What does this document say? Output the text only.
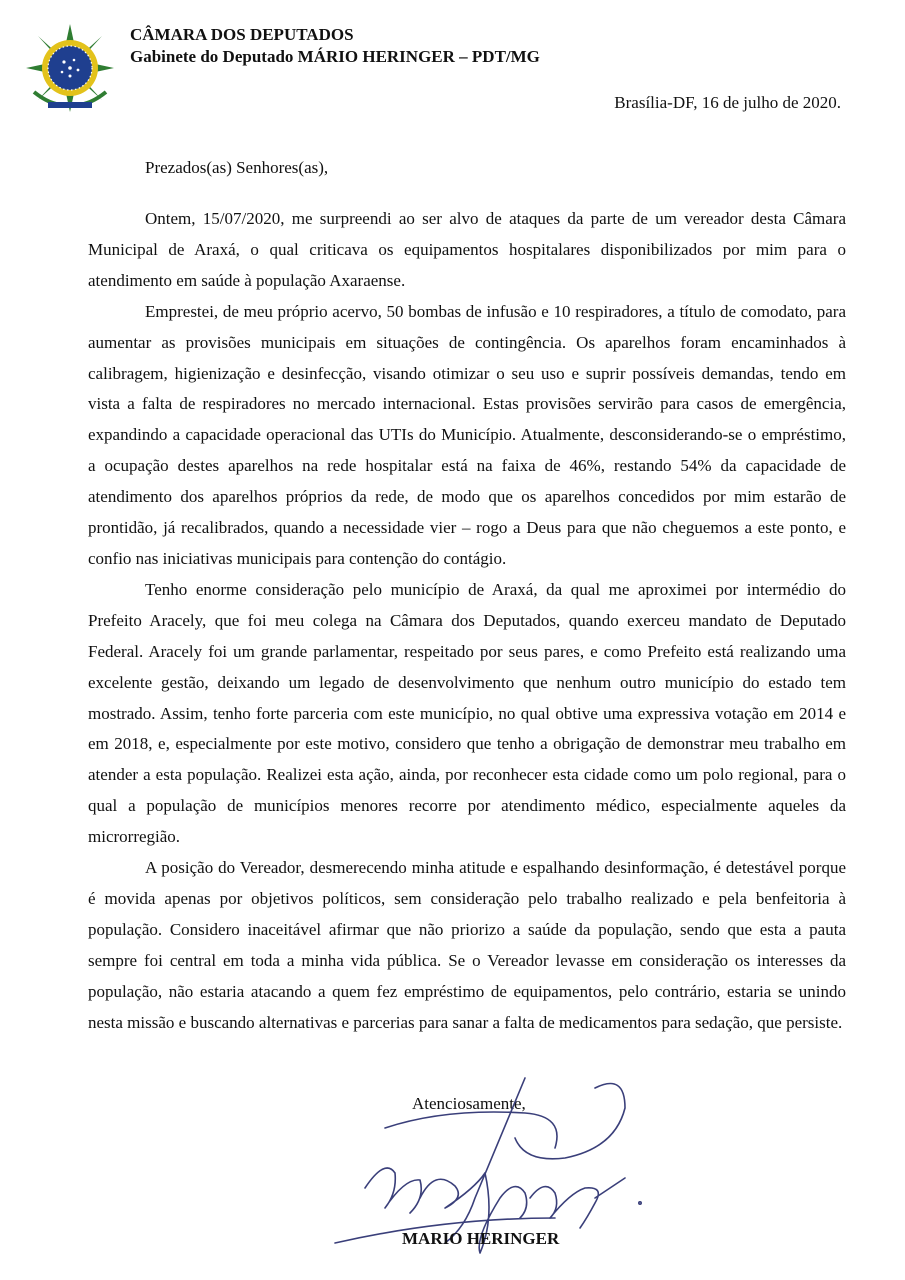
CÂMARA DOS DEPUTADOS
Gabinete do Deputado MÁRIO HERINGER – PDT/MG
Brasília-DF, 16 de julho de 2020.
Prezados(as) Senhores(as),

Ontem, 15/07/2020, me surpreendi ao ser alvo de ataques da parte de um vereador desta Câmara Municipal de Araxá, o qual criticava os equipamentos hospitalares disponibilizados por mim para o atendimento em saúde à população Axaraense.

Emprestei, de meu próprio acervo, 50 bombas de infusão e 10 respiradores, a título de comodato, para aumentar as provisões municipais em situações de contingência. Os aparelhos foram encaminhados à calibragem, higienização e desinfecção, visando otimizar o seu uso e suprir possíveis demandas, tendo em vista a falta de respiradores no mercado internacional. Estas provisões servirão para casos de emergência, expandindo a capacidade operacional das UTIs do Município. Atualmente, desconsiderando-se o empréstimo, a ocupação destes aparelhos na rede hospitalar está na faixa de 46%, restando 54% da capacidade de atendimento dos aparelhos próprios da rede, de modo que os aparelhos concedidos por mim estarão de prontidão, já recalibrados, quando a necessidade vier – rogo a Deus para que não cheguemos a este ponto, e confio nas iniciativas municipais para contenção do contágio.

Tenho enorme consideração pelo município de Araxá, da qual me aproximei por intermédio do Prefeito Aracely, que foi meu colega na Câmara dos Deputados, quando exerceu mandato de Deputado Federal. Aracely foi um grande parlamentar, respeitado por seus pares, e como Prefeito está realizando uma excelente gestão, deixando um legado de desenvolvimento que nenhum outro município do estado tem mostrado. Assim, tenho forte parceria com este município, no qual obtive uma expressiva votação em 2014 e em 2018, e, especialmente por este motivo, considero que tenho a obrigação de demonstrar meu trabalho em atender a esta população. Realizei esta ação, ainda, por reconhecer esta cidade como um polo regional, para o qual a população de municípios menores recorre por atendimento médico, especialmente aqueles da microrregião.

A posição do Vereador, desmerecendo minha atitude e espalhando desinformação, é detestável porque é movida apenas por objetivos políticos, sem consideração pelo trabalho realizado e pela benfeitoria à população. Considero inaceitável afirmar que não priorizo a saúde da população, sendo que esta a pauta sempre foi central em toda a minha vida pública. Se o Vereador levasse em consideração os interesses da população, não estaria atacando a quem fez empréstimo de equipamentos, pelo contrário, estaria se unindo nesta missão e buscando alternativas e parcerias para sanar a falta de medicamentos para sedação, que persiste.

Atenciosamente,
MARIO HERINGER
